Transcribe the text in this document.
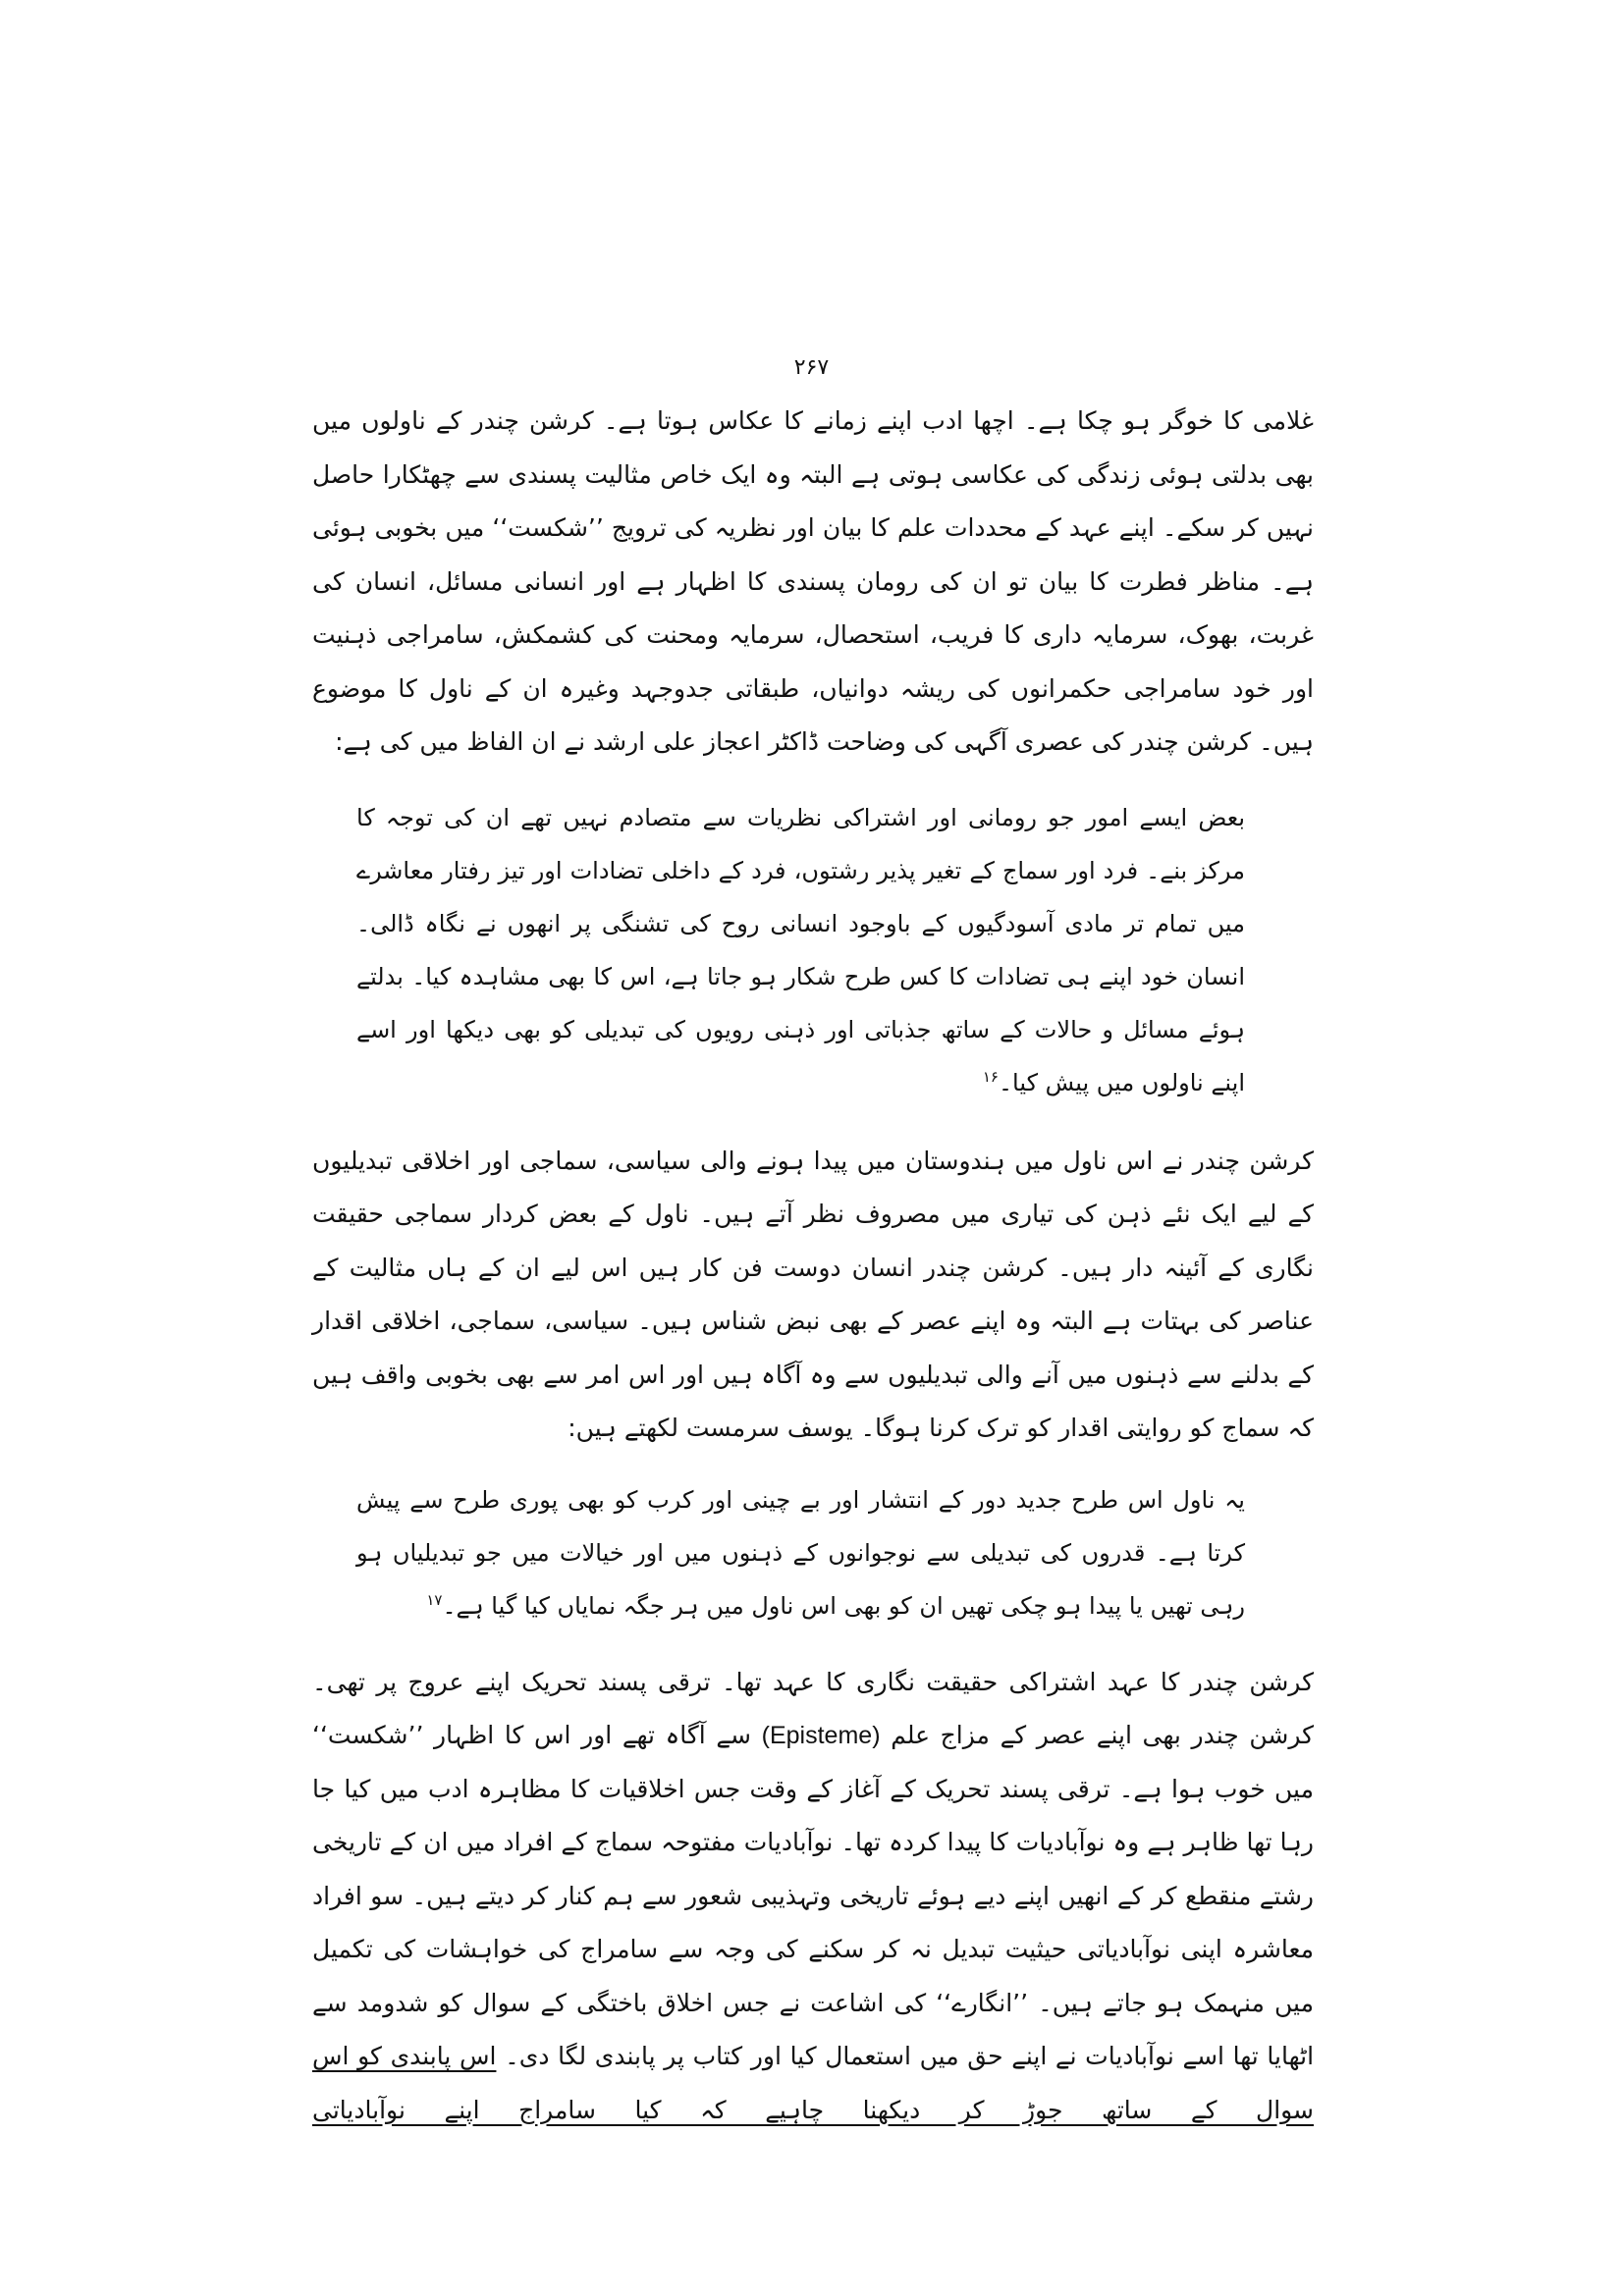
۲۶۷

غلامی کا خوگر ہو چکا ہے۔ اچھا ادب اپنے زمانے کا عکاس ہوتا ہے۔ کرشن چندر کے ناولوں میں بھی بدلتی ہوئی زندگی کی عکاسی ہوتی ہے البتہ وہ ایک خاص مثالیت پسندی سے چھٹکارا حاصل نہیں کر سکے۔ اپنے عہد کے محددات علم کا بیان اور نظریہ کی ترویج ’’شکست‘‘ میں بخوبی ہوئی ہے۔ مناظر فطرت کا بیان تو ان کی رومان پسندی کا اظہار ہے اور انسانی مسائل، انسان کی غربت، بھوک، سرمایہ داری کا فریب، استحصال، سرمایہ ومحنت کی کشمکش، سامراجی ذہنیت اور خود سامراجی حکمرانوں کی ریشہ دوانیاں، طبقاتی جدوجہد وغیرہ ان کے ناول کا موضوع ہیں۔ کرشن چندر کی عصری آگہی کی وضاحت ڈاکٹر اعجاز علی ارشد نے ان الفاظ میں کی ہے:

بعض ایسے امور جو رومانی اور اشتراکی نظریات سے متصادم نہیں تھے ان کی توجہ کا مرکز بنے۔ فرد اور سماج کے تغیر پذیر رشتوں، فرد کے داخلی تضادات اور تیز رفتار معاشرے میں تمام تر مادی آسودگیوں کے باوجود انسانی روح کی تشنگی پر انھوں نے نگاہ ڈالی۔ انسان خود اپنے ہی تضادات کا کس طرح شکار ہو جاتا ہے، اس کا بھی مشاہدہ کیا۔ بدلتے ہوئے مسائل و حالات کے ساتھ جذباتی اور ذہنی رویوں کی تبدیلی کو بھی دیکھا اور اسے اپنے ناولوں میں پیش کیا۔$^{۱۶}$

کرشن چندر نے اس ناول میں ہندوستان میں پیدا ہونے والی سیاسی، سماجی اور اخلاقی تبدیلیوں کے لیے ایک نئے ذہن کی تیاری میں مصروف نظر آتے ہیں۔ ناول کے بعض کردار سماجی حقیقت نگاری کے آئینہ دار ہیں۔ کرشن چندر انسان دوست فن کار ہیں اس لیے ان کے ہاں مثالیت کے عناصر کی بہتات ہے البتہ وہ اپنے عصر کے بھی نبض شناس ہیں۔ سیاسی، سماجی، اخلاقی اقدار کے بدلنے سے ذہنوں میں آنے والی تبدیلیوں سے وہ آگاہ ہیں اور اس امر سے بھی بخوبی واقف ہیں کہ سماج کو روایتی اقدار کو ترک کرنا ہوگا۔ یوسف سرمست لکھتے ہیں:

یہ ناول اس طرح جدید دور کے انتشار اور بے چینی اور کرب کو بھی پوری طرح سے پیش کرتا ہے۔ قدروں کی تبدیلی سے نوجوانوں کے ذہنوں میں اور خیالات میں جو تبدیلیاں ہو رہی تھیں یا پیدا ہو چکی تھیں ان کو بھی اس ناول میں ہر جگہ نمایاں کیا گیا ہے۔$^{۱۷}$

کرشن چندر کا عہد اشتراکی حقیقت نگاری کا عہد تھا۔ ترقی پسند تحریک اپنے عروج پر تھی۔ کرشن چندر بھی اپنے عصر کے مزاج علم (Episteme) سے آگاہ تھے اور اس کا اظہار ’’شکست‘‘ میں خوب ہوا ہے۔ ترقی پسند تحریک کے آغاز کے وقت جس اخلاقیات کا مظاہرہ ادب میں کیا جا رہا تھا ظاہر ہے وہ نوآبادیات کا پیدا کردہ تھا۔ نوآبادیات مفتوحہ سماج کے افراد میں ان کے تاریخی رشتے منقطع کر کے انھیں اپنے دیے ہوئے تاریخی وتہذیبی شعور سے ہم کنار کر دیتے ہیں۔ سو افراد معاشرہ اپنی نوآبادیاتی حیثیت تبدیل نہ کر سکنے کی وجہ سے سامراج کی خواہشات کی تکمیل میں منہمک ہو جاتے ہیں۔ ’’انگارے‘‘ کی اشاعت نے جس اخلاق باختگی کے سوال کو شدومد سے اٹھایا تھا اسے نوآبادیات نے اپنے حق میں استعمال کیا اور کتاب پر پابندی لگا دی۔ اس پابندی کو اس سوال کے ساتھ جوڑ کر دیکھنا چاہیے کہ کیا سامراج اپنے نوآبادیاتی
